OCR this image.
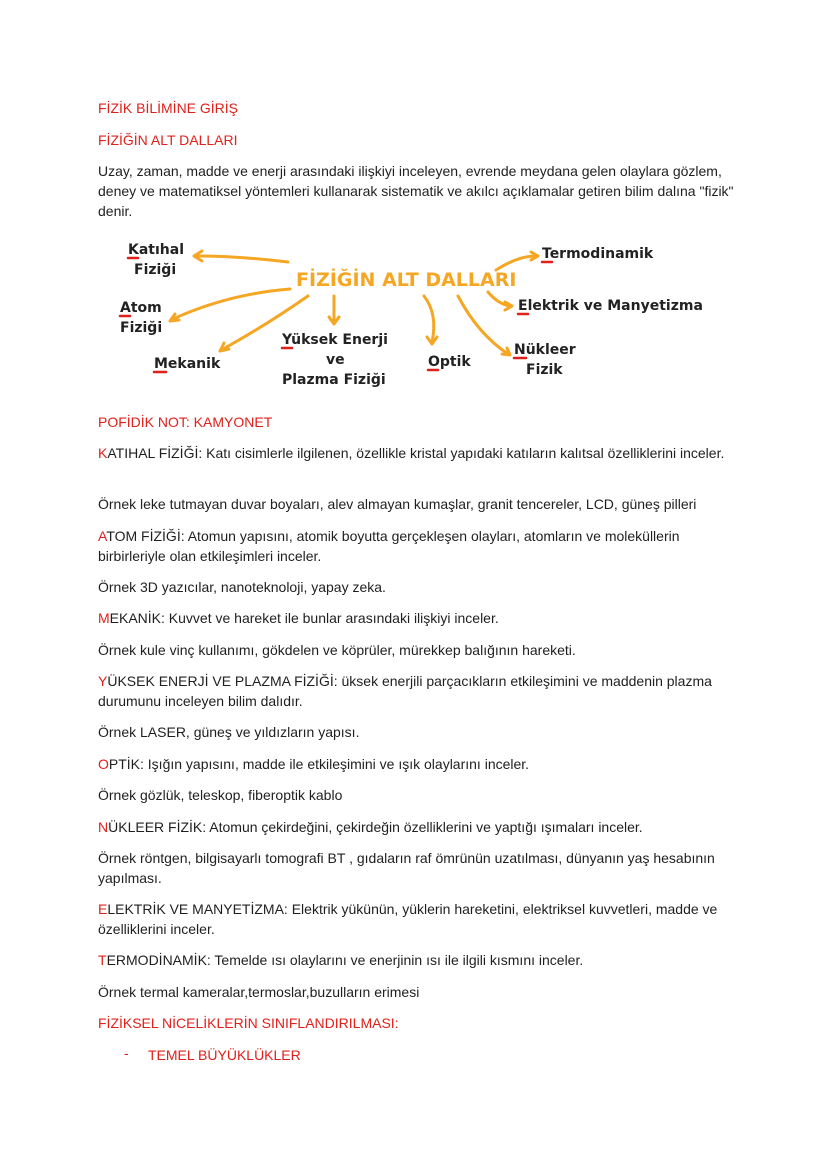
FİZİK BİLİMİNE GİRİŞ

FİZİĞİN ALT DALLARI

Uzay, zaman, madde ve enerji arasındaki ilişkiyi inceleyen, evrende meydana gelen olaylara gözlem, deney ve matematiksel yöntemleri kullanarak sistematik ve akılcı açıklamalar getiren bilim dalına "fizik" denir.

FİZİĞİN ALT DALLARI
Katıhal
Fiziği
Atom
Fiziği
Mekanik
Yüksek Enerji
ve
Plazma Fiziği
Optik
Nükleer
Fizik
Elektrik ve Manyetizma
Termodinamik

POFİDİK NOT: KAMYONET

KATIHAL FİZİĞİ: Katı cisimlerle ilgilenen, özellikle kristal yapıdaki katıların kalıtsal özelliklerini inceler.

Örnek leke tutmayan duvar boyaları, alev almayan kumaşlar, granit tencereler, LCD, güneş pilleri

ATOM FİZİĞİ: Atomun yapısını, atomik boyutta gerçekleşen olayları, atomların ve moleküllerin birbirleriyle olan etkileşimleri inceler.

Örnek 3D yazıcılar, nanoteknoloji, yapay zeka.

MEKANİK: Kuvvet ve hareket ile bunlar arasındaki ilişkiyi inceler.

Örnek kule vinç kullanımı, gökdelen ve köprüler, mürekkep balığının hareketi.

YÜKSEK ENERJİ VE PLAZMA FİZİĞİ: üksek enerjili parçacıkların etkileşimini ve maddenin plazma durumunu inceleyen bilim dalıdır.

Örnek LASER, güneş ve yıldızların yapısı.

OPTİK: Işığın yapısını, madde ile etkileşimini ve ışık olaylarını inceler.

Örnek gözlük, teleskop, fiberoptik kablo

NÜKLEER FİZİK: Atomun çekirdeğini, çekirdeğin özelliklerini ve yaptığı ışımaları inceler.

Örnek röntgen, bilgisayarlı tomografi BT , gıdaların raf ömrünün uzatılması, dünyanın yaş hesabının yapılması.

ELEKTRİK VE MANYETİZMA: Elektrik yükünün, yüklerin hareketini, elektriksel kuvvetleri, madde ve özelliklerini inceler.

TERMODİNAMİK: Temelde ısı olaylarını ve enerjinin ısı ile ilgili kısmını inceler.

Örnek termal kameralar,termoslar,buzulların erimesi

FİZİKSEL NİCELİKLERİN SINIFLANDIRILMASI:

- TEMEL BÜYÜKLÜKLER
